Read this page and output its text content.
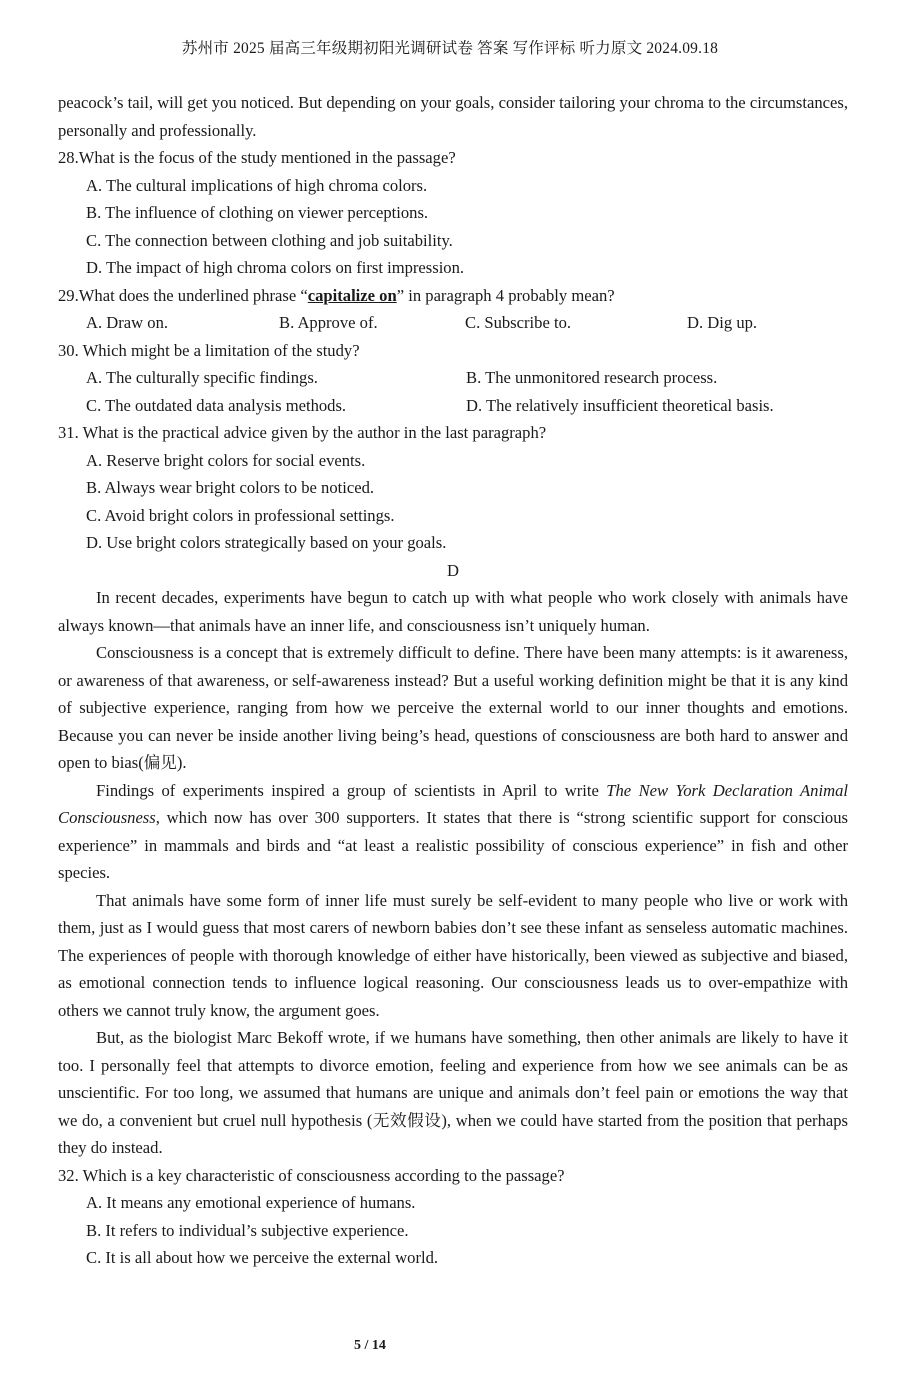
苏州市 2025 届高三年级期初阳光调研试卷 答案 写作评标 听力原文 2024.09.18

peacock’s tail, will get you noticed. But depending on your goals, consider tailoring your chroma to the circumstances, personally and professionally.

28.What is the focus of the study mentioned in the passage?

A. The cultural implications of high chroma colors.

B. The influence of clothing on viewer perceptions.

C. The connection between clothing and job suitability.

D. The impact of high chroma colors on first impression.

29.What does the underlined phrase “capitalize on” in paragraph 4 probably mean?

A. Draw on.	B. Approve of.	C. Subscribe to.	D. Dig up.

30. Which might be a limitation of the study?

A. The culturally specific findings.	B. The unmonitored research process.
C. The outdated data analysis methods.	D. The relatively insufficient theoretical basis.

31. What is the practical advice given by the author in the last paragraph?

A. Reserve bright colors for social events.

B. Always wear bright colors to be noticed.

C. Avoid bright colors in professional settings.

D. Use bright colors strategically based on your goals.

D

In recent decades, experiments have begun to catch up with what people who work closely with animals have always known—that animals have an inner life, and consciousness isn’t uniquely human.

Consciousness is a concept that is extremely difficult to define. There have been many attempts: is it awareness, or awareness of that awareness, or self-awareness instead? But a useful working definition might be that it is any kind of subjective experience, ranging from how we perceive the external world to our inner thoughts and emotions. Because you can never be inside another living being’s head, questions of consciousness are both hard to answer and open to bias(偏见).

Findings of experiments inspired a group of scientists in April to write The New York Declaration Animal Consciousness, which now has over 300 supporters. It states that there is “strong scientific support for conscious experience” in mammals and birds and “at least a realistic possibility of conscious experience” in fish and other species.

That animals have some form of inner life must surely be self-evident to many people who live or work with them, just as I would guess that most carers of newborn babies don’t see these infant as senseless automatic machines. The experiences of people with thorough knowledge of either have historically, been viewed as subjective and biased, as emotional connection tends to influence logical reasoning. Our consciousness leads us to over-empathize with others we cannot truly know, the argument goes.

But, as the biologist Marc Bekoff wrote, if we humans have something, then other animals are likely to have it too. I personally feel that attempts to divorce emotion, feeling and experience from how we see animals can be as unscientific. For too long, we assumed that humans are unique and animals don’t feel pain or emotions the way that we do, a convenient but cruel null hypothesis (无效假设), when we could have started from the position that perhaps they do instead.

32. Which is a key characteristic of consciousness according to the passage?

A. It means any emotional experience of humans.

B. It refers to individual’s subjective experience.

C. It is all about how we perceive the external world.

5 / 14
